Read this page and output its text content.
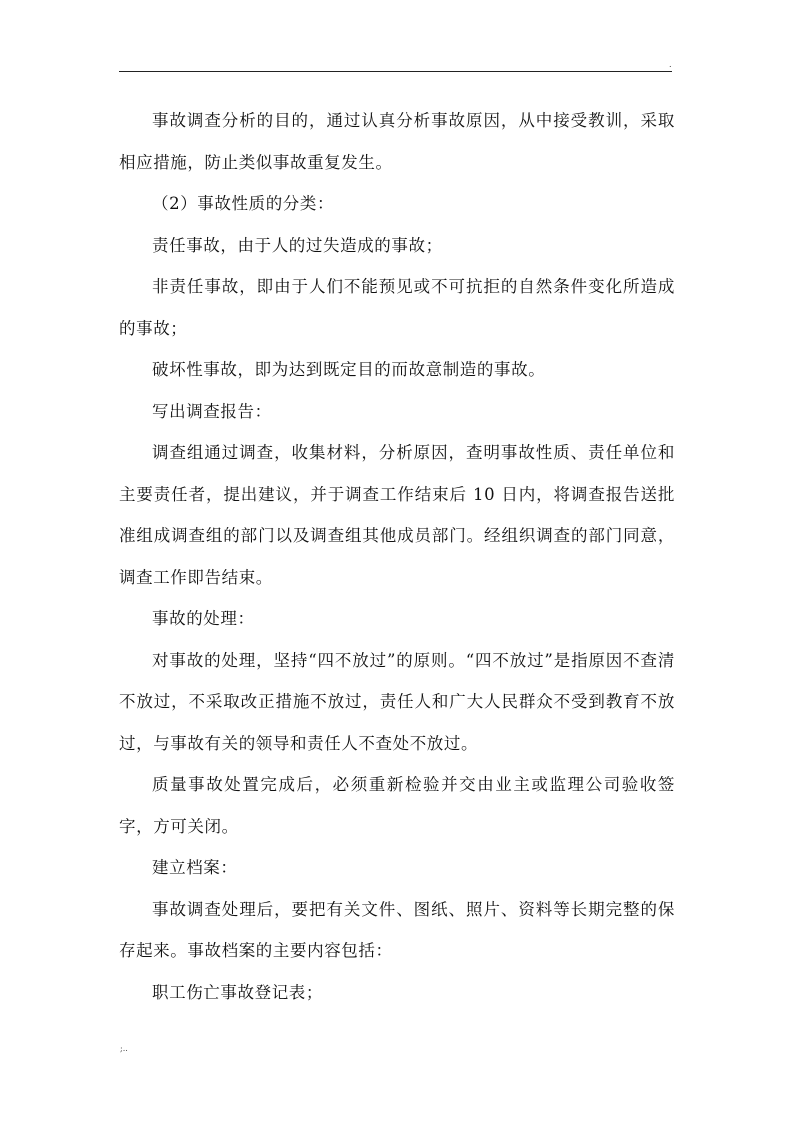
.

事故调查分析的目的，通过认真分析事故原因，从中接受教训，采取相应措施，防止类似事故重复发生。

（2）事故性质的分类：

责任事故，由于人的过失造成的事故；

非责任事故，即由于人们不能预见或不可抗拒的自然条件变化所造成的事故；

破坏性事故，即为达到既定目的而故意制造的事故。

写出调查报告：

调查组通过调查，收集材料，分析原因，查明事故性质、责任单位和主要责任者，提出建议，并于调查工作结束后 10 日内，将调查报告送批准组成调查组的部门以及调查组其他成员部门。经组织调查的部门同意，调查工作即告结束。

事故的处理：

对事故的处理，坚持“四不放过”的原则。“四不放过”是指原因不查清不放过，不采取改正措施不放过，责任人和广大人民群众不受到教育不放过，与事故有关的领导和责任人不查处不放过。

质量事故处置完成后，必须重新检验并交由业主或监理公司验收签字，方可关闭。

建立档案：

事故调查处理后，要把有关文件、图纸、照片、资料等长期完整的保存起来。事故档案的主要内容包括：

职工伤亡事故登记表；

;..
